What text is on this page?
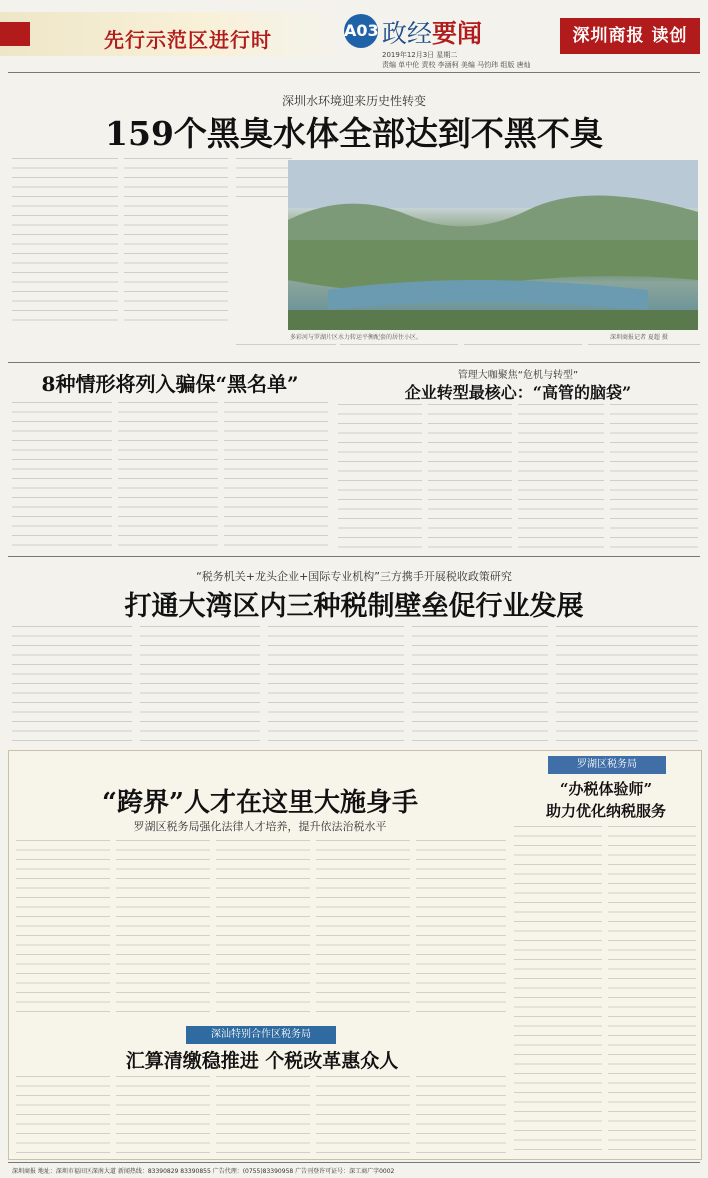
先行示范区进行时	A03 政经要闻
2019年12月3日 星期二
责编 单中伦 责校 李涵柯 美编 马钧玮 组版 唐灿
深圳商报 读创
深圳水环境迎来历史性转变
159个黑臭水体全部达到不黑不臭
多彩河与罗湖片区水力转运平衡配套的居住小区。	深圳商报记者 夏超 摄
8种情形将列入骗保“黑名单”	管理大咖聚焦“危机与转型”
企业转型最核心：“高管的脑袋”
“税务机关+龙头企业+国际专业机构”三方携手开展税收政策研究
打通大湾区内三种税制壁垒促行业发展
“跨界”人才在这里大施身手
罗湖区税务局强化法律人才培养，提升依法治税水平
罗湖区税务局
“办税体验师”
助力优化纳税服务
深汕特别合作区税务局
汇算清缴稳推进 个税改革惠众人
深圳商报 地址：深圳市福田区深南大道 新闻热线：83390829 83390855 广告代理：(0755)83390958 广告刊登许可证号：深工商广字0002
